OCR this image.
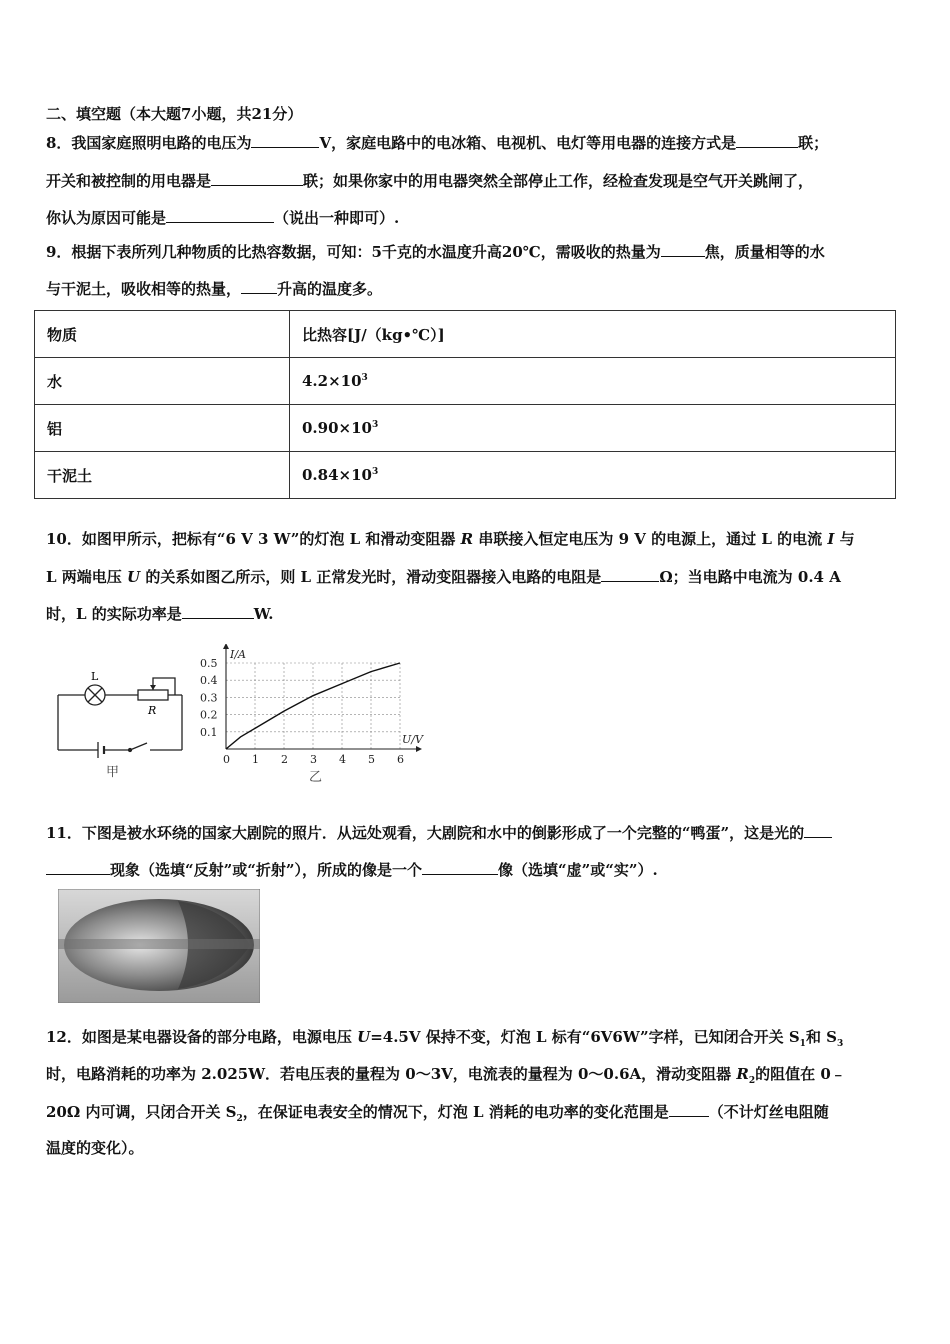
二、填空题（本大题7小题，共21分）
8．我国家庭照明电路的电压为	V，家庭电路中的电冰箱、电视机、电灯等用电器的连接方式是	联；
开关和被控制的用电器是	联；如果你家中的用电器突然全部停止工作，经检查发现是空气开关跳闸了，
你认为原因可能是	（说出一种即可）.
9．根据下表所列几种物质的比热容数据，可知：5千克的水温度升高20℃，需吸收的热量为	焦，质量相等的水
与干泥土，吸收相等的热量， 升高的温度多。
物质	比热容[J/（kg•℃）]
水	$4.2\times 10^3$
铝	$0.90\times 10^3$
干泥土	$0.84\times 10^3$
10．如图甲所示，把标有“6 V 3 W”的灯泡 L 和滑动变阻器 R 串联接入恒定电压为 9 V 的电源上，通过 L 的电流 I 与
L 两端电压 U 的关系如图乙所示，则 L 正常发光时，滑动变阻器接入电路的电阻是	Ω；当电路中电流为 0.4 A
时，L 的实际功率是	W.
L
R
甲
0 1 2 3 4 5 6
0.1
0.2
0.3
0.4
0.5
I/A
U/V
乙
11．下图是被水环绕的国家大剧院的照片．从远处观看，大剧院和水中的倒影形成了一个完整的“鸭蛋”，这是光的
现象（选填“反射”或“折射”），所成的像是一个	像（选填“虚”或“实”）.
12．如图是某电器设备的部分电路，电源电压 U=4.5V 保持不变，灯泡 L 标有“6V6W”字样，已知闭合开关 $S_1$和 $S_3$
时，电路消耗的功率为 2.025W．若电压表的量程为 0～3V，电流表的量程为 0～0.6A，滑动变阻器 $R_2$的阻值在 0﹣
20Ω 内可调，只闭合开关 $S_2$，在保证电表安全的情况下，灯泡 L 消耗的电功率的变化范围是	（不计灯丝电阻随
温度的变化）。
